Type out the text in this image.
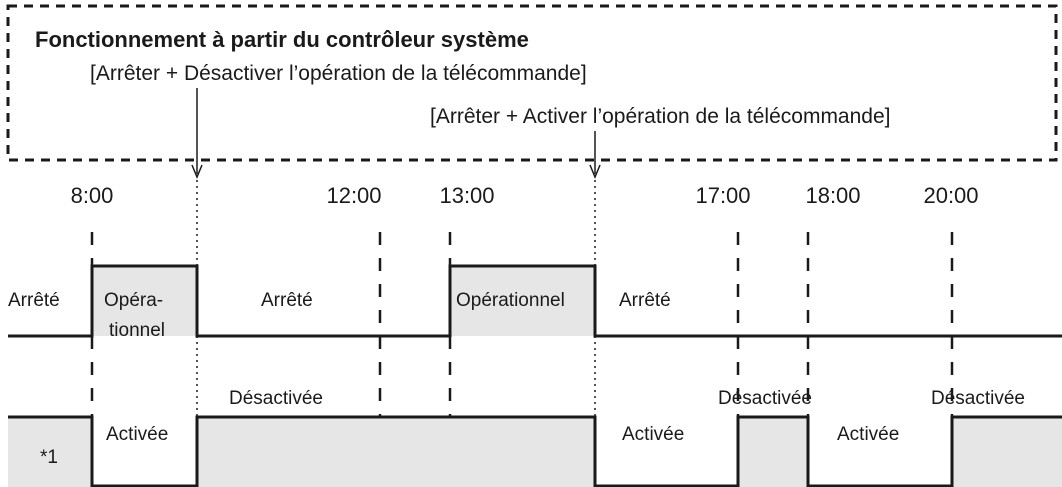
Fonctionnement à partir du contrôleur système
[Arrêter + Désactiver l’opération de la télécommande]
[Arrêter + Activer l’opération de la télécommande]
8:00	12:00	13:00	17:00 18:00	20:00
Arrêté Opéra-
tionnel
Arrêté	Opérationnel	Arrêté
*1
Activée
Désactivée
Activée
Désactivée
Activée
Désactivée
